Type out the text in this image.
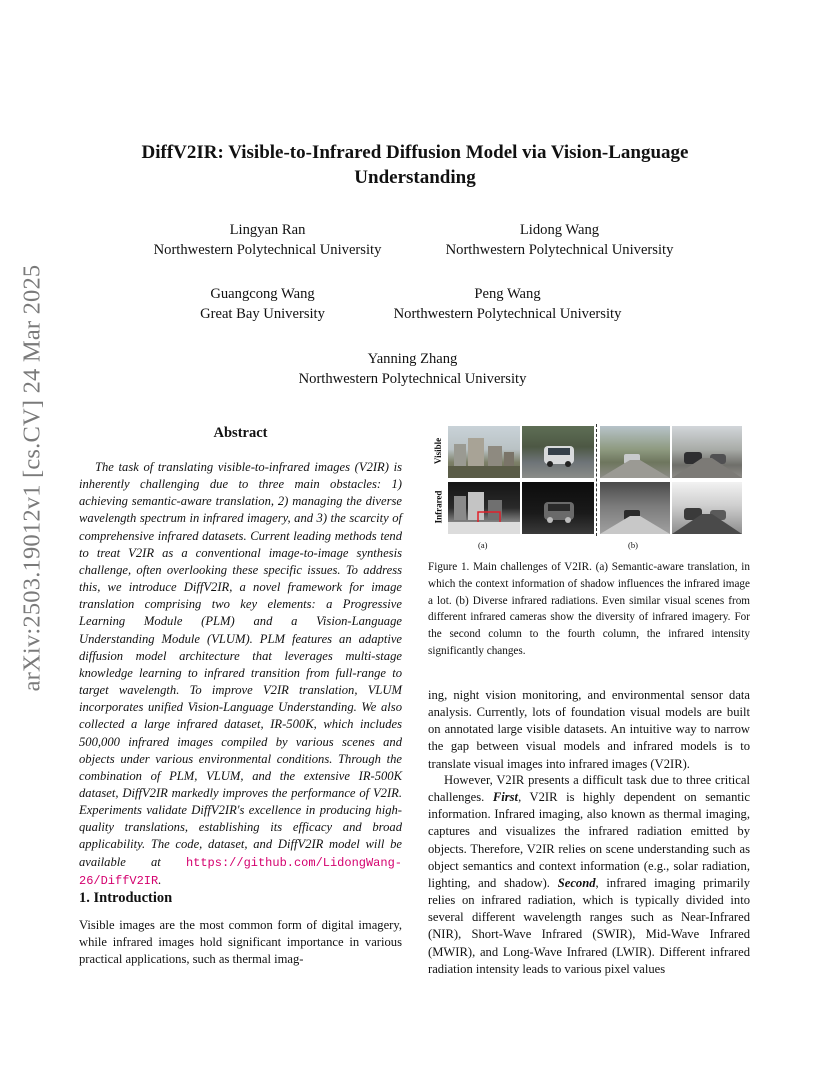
arXiv:2503.19012v1 [cs.CV] 24 Mar 2025
DiffV2IR: Visible-to-Infrared Diffusion Model via Vision-Language Understanding
Lingyan Ran
Northwestern Polytechnical University
Lidong Wang
Northwestern Polytechnical University
Guangcong Wang
Great Bay University
Peng Wang
Northwestern Polytechnical University
Yanning Zhang
Northwestern Polytechnical University
Abstract
The task of translating visible-to-infrared images (V2IR) is inherently challenging due to three main obstacles: 1) achieving semantic-aware translation, 2) managing the diverse wavelength spectrum in infrared imagery, and 3) the scarcity of comprehensive infrared datasets. Current leading methods tend to treat V2IR as a conventional image-to-image synthesis challenge, often overlooking these specific issues. To address this, we introduce DiffV2IR, a novel framework for image translation comprising two key elements: a Progressive Learning Module (PLM) and a Vision-Language Understanding Module (VLUM). PLM features an adaptive diffusion model architecture that leverages multi-stage knowledge learning to infrared transition from full-range to target wavelength. To improve V2IR translation, VLUM incorporates unified Vision-Language Understanding. We also collected a large infrared dataset, IR-500K, which includes 500,000 infrared images compiled by various scenes and objects under various environmental conditions. Through the combination of PLM, VLUM, and the extensive IR-500K dataset, DiffV2IR markedly improves the performance of V2IR. Experiments validate DiffV2IR's excellence in producing high-quality translations, establishing its efficacy and broad applicability. The code, dataset, and DiffV2IR model will be available at https://github.com/LidongWang-26/DiffV2IR.
1. Introduction
Visible images are the most common form of digital imagery, while infrared images hold significant importance in various practical applications, such as thermal imag-
Visible
Infrared
(a)	(b)
Figure 1. Main challenges of V2IR. (a) Semantic-aware translation, in which the context information of shadow influences the infrared image a lot. (b) Diverse infrared radiations. Even similar visual scenes from different infrared cameras show the diversity of infrared imagery. For the second column to the fourth column, the infrared intensity significantly changes.
ing, night vision monitoring, and environmental sensor data analysis. Currently, lots of foundation visual models are built on annotated large visible datasets. An intuitive way to narrow the gap between visual models and infrared models is to translate visual images into infrared images (V2IR).
However, V2IR presents a difficult task due to three critical challenges. First, V2IR is highly dependent on semantic information. Infrared imaging, also known as thermal imaging, captures and visualizes the infrared radiation emitted by objects. Therefore, V2IR relies on scene understanding such as object semantics and context information (e.g., solar radiation, lighting, and shadow). Second, infrared imaging primarily relies on infrared radiation, which is typically divided into several different wavelength ranges such as Near-Infrared (NIR), Short-Wave Infrared (SWIR), Mid-Wave Infrared (MWIR), and Long-Wave Infrared (LWIR). Different infrared radiation intensity leads to various pixel values
